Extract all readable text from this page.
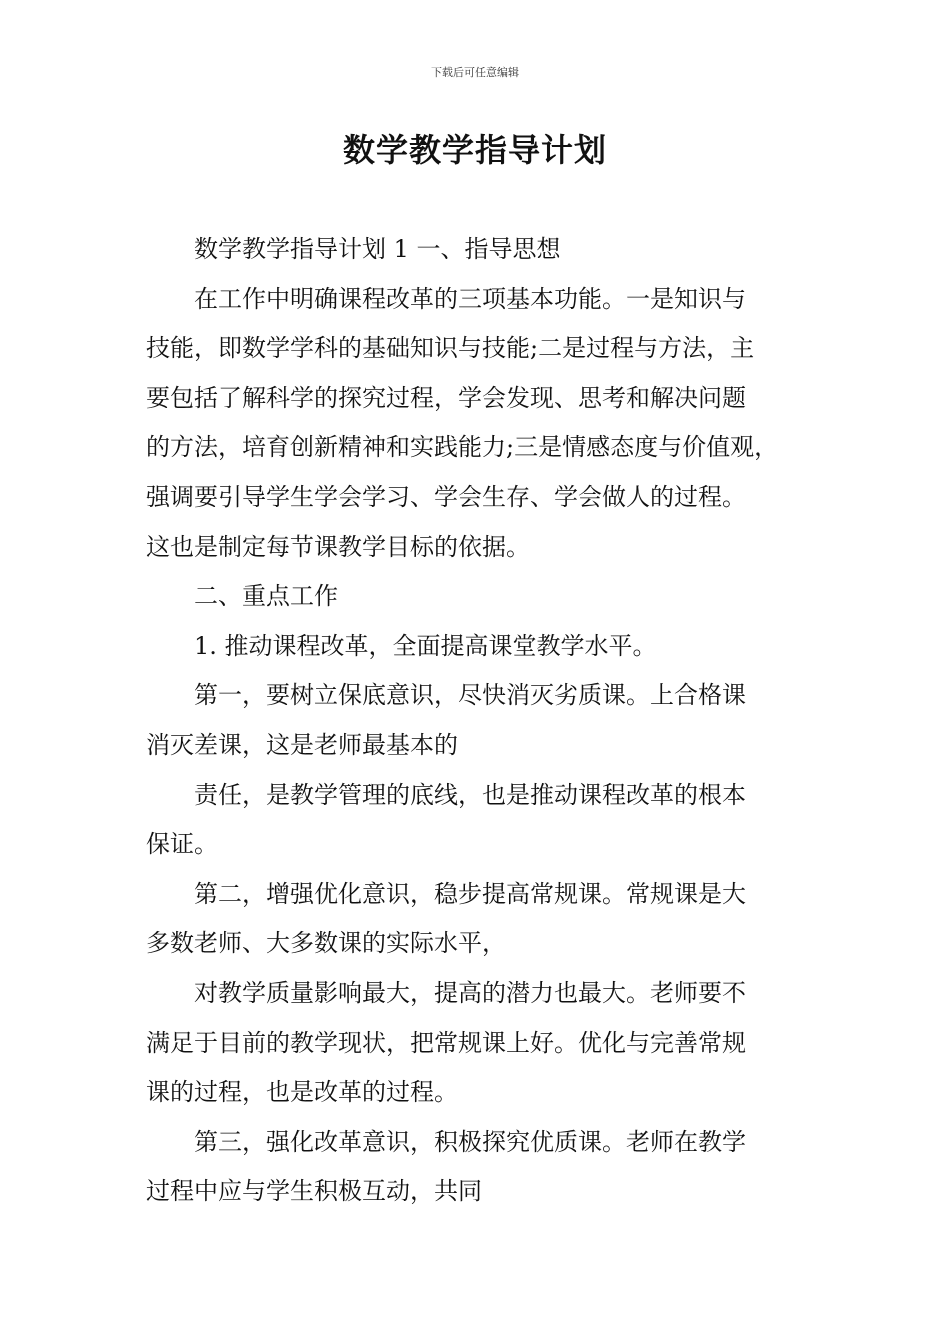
下载后可任意编辑
数学教学指导计划

数学教学指导计划 1 一、指导思想

在工作中明确课程改革的三项基本功能。一是知识与
技能，即数学学科的基础知识与技能;二是过程与方法，主
要包括了解科学的探究过程，学会发现、思考和解决问题
的方法，培育创新精神和实践能力;三是情感态度与价值观，
强调要引导学生学会学习、学会生存、学会做人的过程。
这也是制定每节课教学目标的依据。

二、重点工作

1. 推动课程改革，全面提高课堂教学水平。

第一，要树立保底意识，尽快消灭劣质课。上合格课
消灭差课，这是老师最基本的

责任，是教学管理的底线，也是推动课程改革的根本
保证。

第二，增强优化意识，稳步提高常规课。常规课是大
多数老师、大多数课的实际水平，

对教学质量影响最大，提高的潜力也最大。老师要不
满足于目前的教学现状，把常规课上好。优化与完善常规
课的过程，也是改革的过程。

第三，强化改革意识，积极探究优质课。老师在教学
过程中应与学生积极互动，共同
